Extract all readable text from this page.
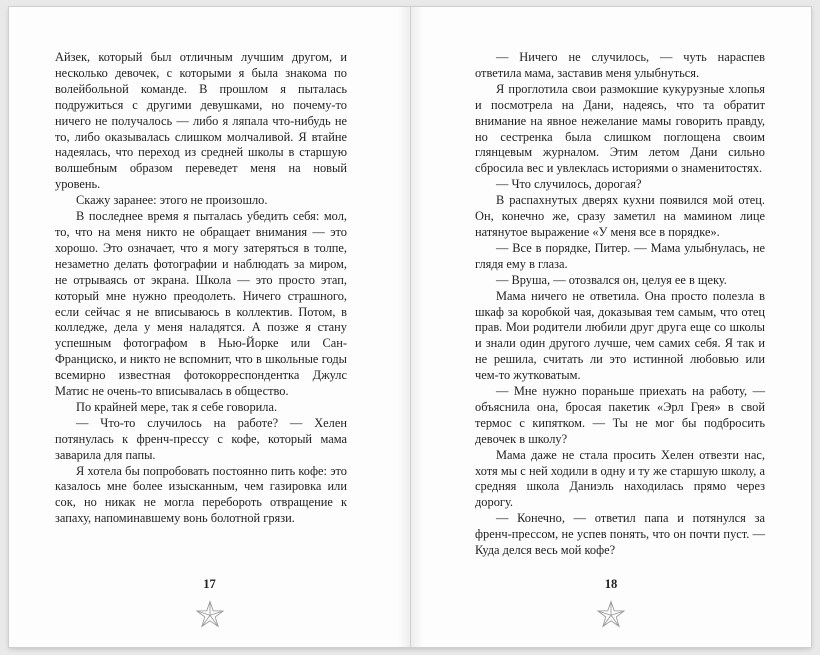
Айзек, который был отличным лучшим другом, и несколько девочек, с которыми я была знакома по волейбольной команде. В прошлом я пыталась подружиться с другими девушками, но почему-то ничего не получалось — либо я ляпала что-нибудь не то, либо оказывалась слишком молчаливой. Я втайне надеялась, что переход из средней школы в старшую волшебным образом переведет меня на новый уровень.

Скажу заранее: этого не произошло.

В последнее время я пыталась убедить себя: мол, то, что на меня никто не обращает внимания — это хорошо. Это означает, что я могу затеряться в толпе, незаметно делать фотографии и наблюдать за миром, не отрываясь от экрана. Школа — это просто этап, который мне нужно преодолеть. Ничего страшного, если сейчас я не вписываюсь в коллектив. Потом, в колледже, дела у меня наладятся. А позже я стану успешным фотографом в Нью-Йорке или Сан-Франциско, и никто не вспомнит, что в школьные годы всемирно известная фотокорреспондентка Джулс Матис не очень-то вписывалась в общество.

По крайней мере, так я себе говорила.

— Что-то случилось на работе? — Хелен потянулась к френч-прессу с кофе, который мама заварила для папы.

Я хотела бы попробовать постоянно пить кофе: это казалось мне более изысканным, чем газировка или сок, но никак не могла перебороть отвращение к запаху, напоминавшему вонь болотной грязи.

17

— Ничего не случилось, — чуть нараспев ответила мама, заставив меня улыбнуться.

Я проглотила свои размокшие кукурузные хлопья и посмотрела на Дани, надеясь, что та обратит внимание на явное нежелание мамы говорить правду, но сестренка была слишком поглощена своим глянцевым журналом. Этим летом Дани сильно сбросила вес и увлеклась историями о знаменитостях.

— Что случилось, дорогая?

В распахнутых дверях кухни появился мой отец. Он, конечно же, сразу заметил на мамином лице натянутое выражение «У меня все в порядке».

— Все в порядке, Питер. — Мама улыбнулась, не глядя ему в глаза.

— Вруша, — отозвался он, целуя ее в щеку.

Мама ничего не ответила. Она просто полезла в шкаф за коробкой чая, доказывая тем самым, что отец прав. Мои родители любили друг друга еще со школы и знали один другого лучше, чем самих себя. Я так и не решила, считать ли это истинной любовью или чем-то жутковатым.

— Мне нужно пораньше приехать на работу, — объяснила она, бросая пакетик «Эрл Грея» в свой термос с кипятком. — Ты не мог бы подбросить девочек в школу?

Мама даже не стала просить Хелен отвезти нас, хотя мы с ней ходили в одну и ту же старшую школу, а средняя школа Даниэль находилась прямо через дорогу.

— Конечно, — ответил папа и потянулся за френч-прессом, не успев понять, что он почти пуст. — Куда делся весь мой кофе?

18
